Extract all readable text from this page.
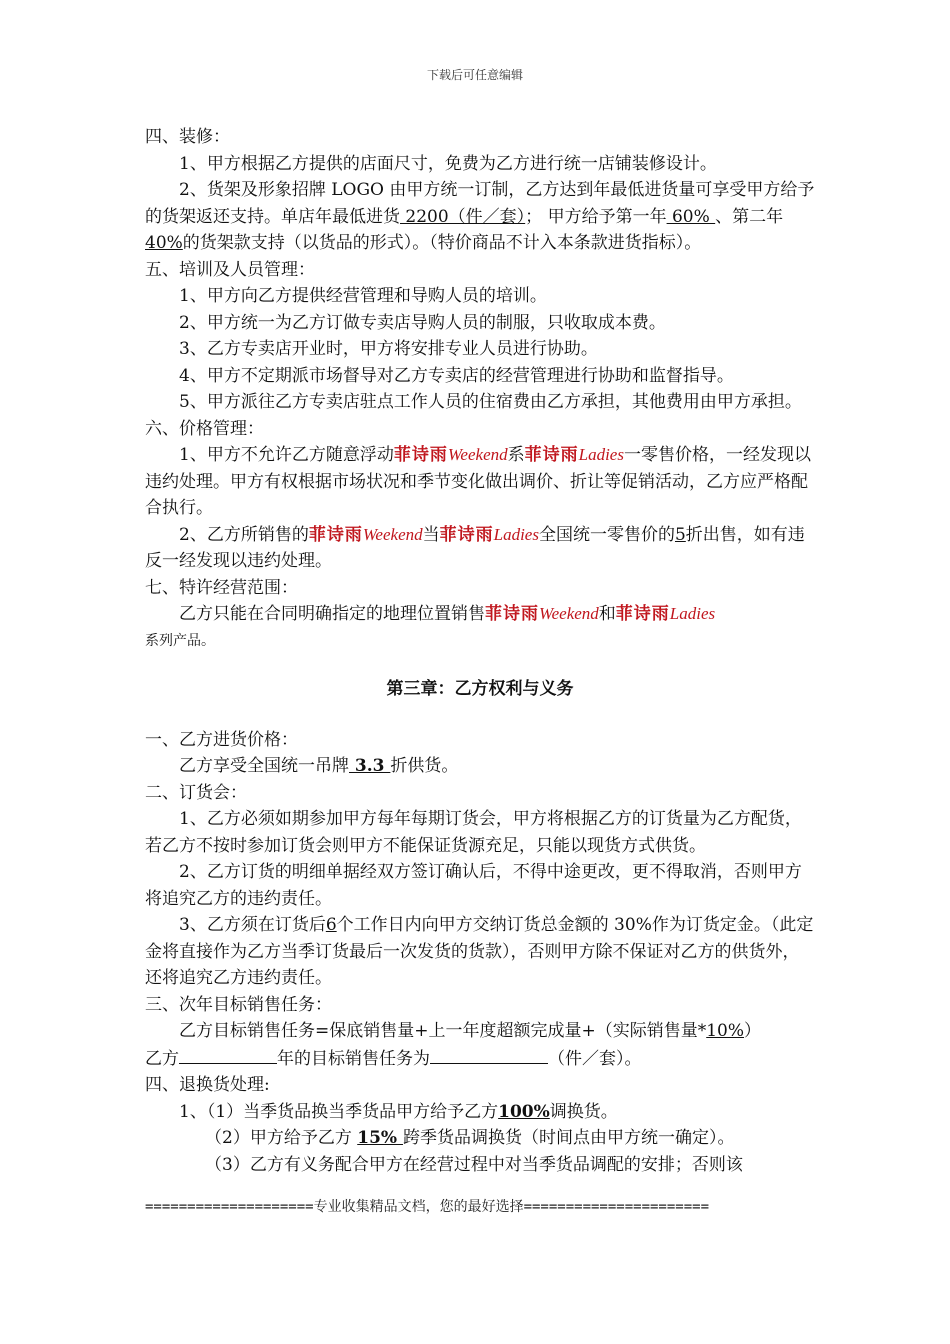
下载后可任意编辑

四、装修：

1、甲方根据乙方提供的店面尺寸，免费为乙方进行统一店铺装修设计。

2、货架及形象招牌 LOGO 由甲方统一订制，乙方达到年最低进货量可享受甲方给予的货架返还支持。单店年最低进货 2200（件／套）； 甲方给予第一年 60% 、第二年 40%的货架款支持（以货品的形式）。（特价商品不计入本条款进货指标）。

五、培训及人员管理：

1、甲方向乙方提供经营管理和导购人员的培训。

2、甲方统一为乙方订做专卖店导购人员的制服，只收取成本费。

3、乙方专卖店开业时，甲方将安排专业人员进行协助。

4、甲方不定期派市场督导对乙方专卖店的经营管理进行协助和监督指导。

5、甲方派往乙方专卖店驻点工作人员的住宿费由乙方承担，其他费用由甲方承担。

六、价格管理：

1、甲方不允许乙方随意浮动菲诗雨Weekend系菲诗雨Ladies一零售价格，一经发现以违约处理。甲方有权根据市场状况和季节变化做出调价、折让等促销活动，乙方应严格配合执行。

2、乙方所销售的菲诗雨Weekend当菲诗雨Ladies全国统一零售价的5折出售，如有违反一经发现以违约处理。

七、特许经营范围：

乙方只能在合同明确指定的地理位置销售菲诗雨Weekend和菲诗雨Ladies

系列产品。

第三章：乙方权利与义务

一、乙方进货价格：

乙方享受全国统一吊牌 3.3 折供货。

二、订货会：

1、乙方必须如期参加甲方每年每期订货会，甲方将根据乙方的订货量为乙方配货，若乙方不按时参加订货会则甲方不能保证货源充足，只能以现货方式供货。

2、乙方订货的明细单据经双方签订确认后，不得中途更改，更不得取消，否则甲方将追究乙方的违约责任。

3、乙方须在订货后6个工作日内向甲方交纳订货总金额的 30%作为订货定金。（此定金将直接作为乙方当季订货最后一次发货的货款），否则甲方除不保证对乙方的供货外，还将追究乙方违约责任。

三、次年目标销售任务：

乙方目标销售任务=保底销售量+上一年度超额完成量+（实际销售量*10%）

乙方	年的目标销售任务为	（件／套）。

四、退换货处理:

1、（1）当季货品换当季货品甲方给予乙方100%调换货。

（2）甲方给予乙方 15% 跨季货品调换货（时间点由甲方统一确定）。

（3）乙方有义务配合甲方在经营过程中对当季货品调配的安排；否则该

====================专业收集精品文档，您的最好选择======================
